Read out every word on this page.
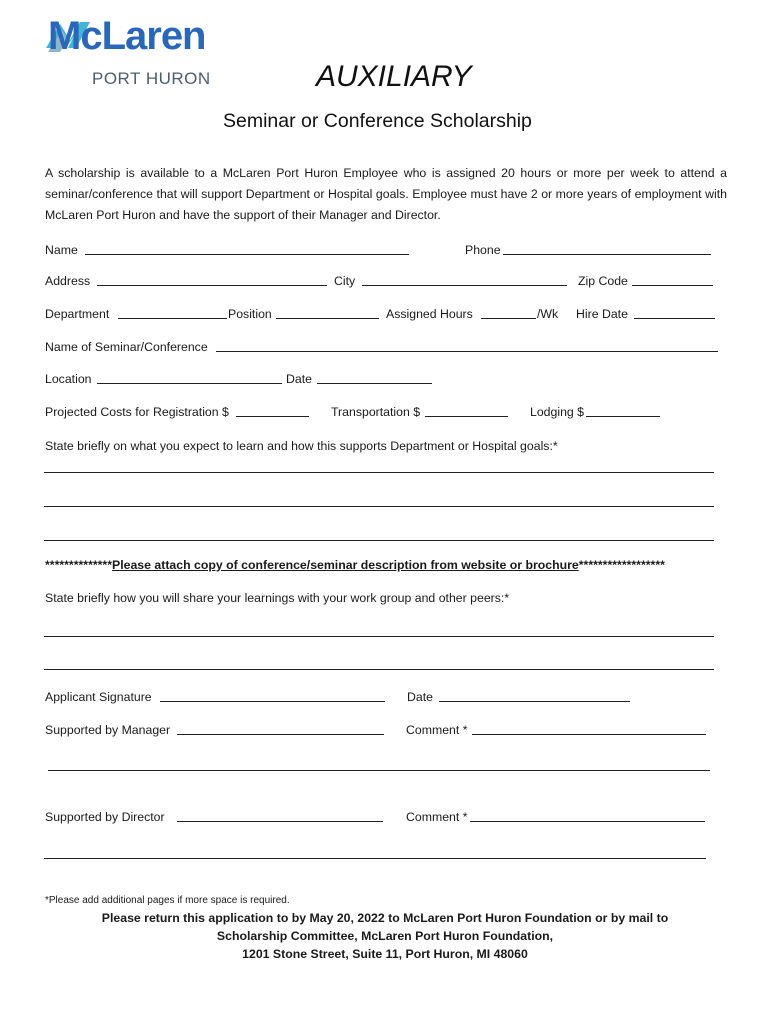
McLaren
PORT HURON	AUXILIARY
Seminar or Conference Scholarship
A scholarship is available to a McLaren Port Huron Employee who is assigned 20 hours or more per week to attend a seminar/conference that will support Department or Hospital goals. Employee must have 2 or more years of employment with McLaren Port Huron and have the support of their Manager and Director.
Name	Phone
Address	City	Zip Code
Department	Position	Assigned Hours	/Wk Hire Date
Name of Seminar/Conference
Location	Date
Projected Costs for Registration $	Transportation $	Lodging $
State briefly on what you expect to learn and how this supports Department or Hospital goals:*
**************Please attach copy of conference/seminar description from website or brochure******************
State briefly how you will share your learnings with your work group and other peers:*
Applicant Signature	Date
Supported by Manager	Comment *
Supported by Director	Comment *
*Please add additional pages if more space is required.
Please return this application to by May 20, 2022 to McLaren Port Huron Foundation or by mail to
Scholarship Committee, McLaren Port Huron Foundation,
1201 Stone Street, Suite 11, Port Huron, MI 48060
